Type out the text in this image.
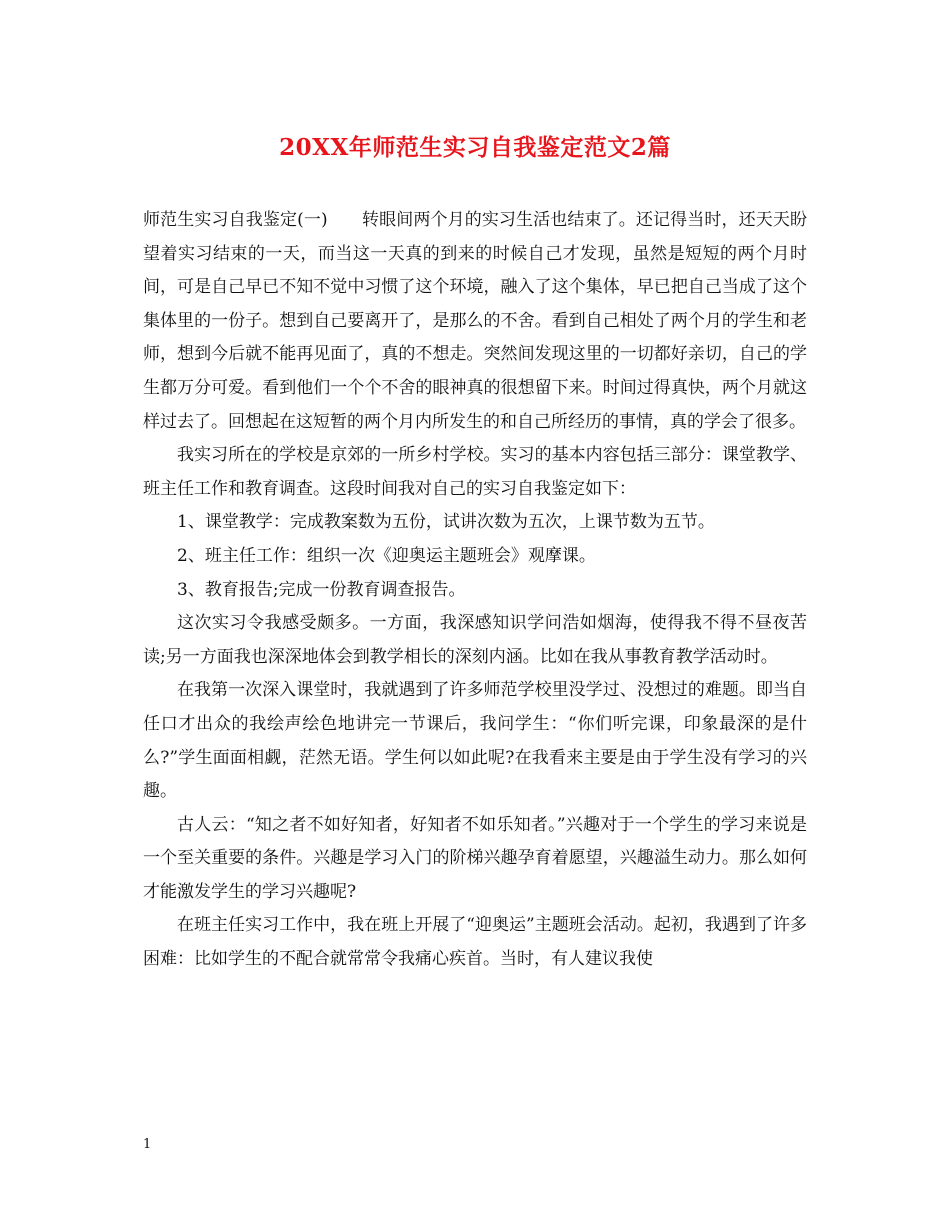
20XX年师范生实习自我鉴定范文2篇

师范生实习自我鉴定(一)　　转眼间两个月的实习生活也结束了。还记得当时，还天天盼望着实习结束的一天，而当这一天真的到来的时候自己才发现，虽然是短短的两个月时间，可是自己早已不知不觉中习惯了这个环境，融入了这个集体，早已把自己当成了这个集体里的一份子。想到自己要离开了，是那么的不舍。看到自己相处了两个月的学生和老师，想到今后就不能再见面了，真的不想走。突然间发现这里的一切都好亲切，自己的学生都万分可爱。看到他们一个个不舍的眼神真的很想留下来。时间过得真快，两个月就这样过去了。回想起在这短暂的两个月内所发生的和自己所经历的事情，真的学会了很多。

我实习所在的学校是京郊的一所乡村学校。实习的基本内容包括三部分：课堂教学、班主任工作和教育调查。这段时间我对自己的实习自我鉴定如下：

1、课堂教学：完成教案数为五份，试讲次数为五次，上课节数为五节。

2、班主任工作：组织一次《迎奥运主题班会》观摩课。

3、教育报告;完成一份教育调查报告。

这次实习令我感受颇多。一方面，我深感知识学问浩如烟海，使得我不得不昼夜苦读;另一方面我也深深地体会到教学相长的深刻内涵。比如在我从事教育教学活动时。

在我第一次深入课堂时，我就遇到了许多师范学校里没学过、没想过的难题。即当自任口才出众的我绘声绘色地讲完一节课后，我问学生：“你们听完课，印象最深的是什么?”学生面面相觑，茫然无语。学生何以如此呢?在我看来主要是由于学生没有学习的兴趣。

古人云：“知之者不如好知者，好知者不如乐知者。”兴趣对于一个学生的学习来说是一个至关重要的条件。兴趣是学习入门的阶梯兴趣孕育着愿望，兴趣溢生动力。那么如何才能激发学生的学习兴趣呢?

在班主任实习工作中，我在班上开展了“迎奥运”主题班会活动。起初，我遇到了许多困难：比如学生的不配合就常常令我痛心疾首。当时，有人建议我使

1
